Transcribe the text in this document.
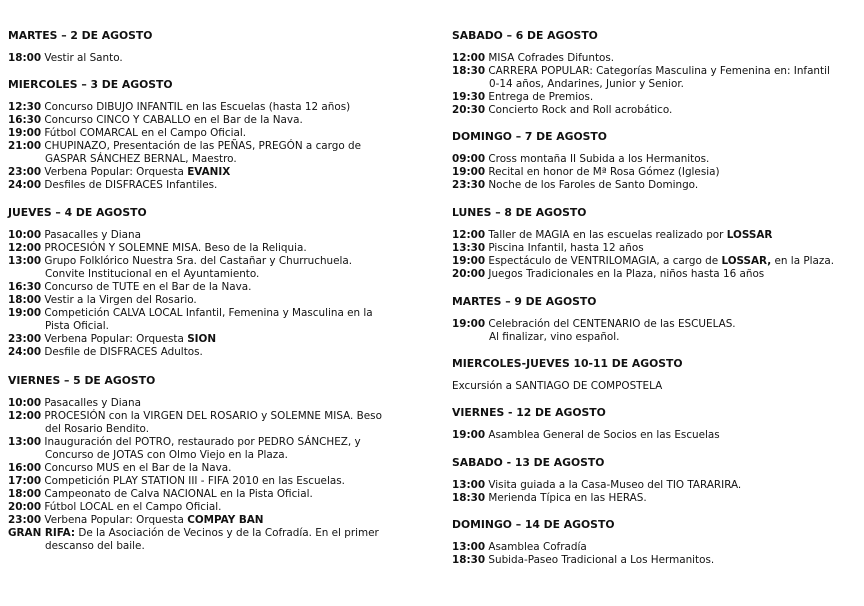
MARTES – 2 DE AGOSTO
18:00 Vestir al Santo.
MIERCOLES – 3 DE AGOSTO
12:30 Concurso DIBUJO INFANTIL en las Escuelas (hasta 12 años)
16:30 Concurso CINCO Y CABALLO en el Bar de la Nava.
19:00 Fútbol COMARCAL en el Campo Oficial.
21:00 CHUPINAZO, Presentación de las PEÑAS, PREGÓN a cargo de
GASPAR SÁNCHEZ BERNAL, Maestro.
23:00 Verbena Popular: Orquesta EVANIX
24:00 Desfiles de DISFRACES Infantiles.
JUEVES – 4 DE AGOSTO
10:00 Pasacalles y Diana
12:00 PROCESIÓN Y SOLEMNE MISA. Beso de la Reliquia.
13:00 Grupo Folklórico Nuestra Sra. del Castañar y Churruchuela.
Convite Institucional en el Ayuntamiento.
16:30 Concurso de TUTE en el Bar de la Nava.
18:00 Vestir a la Virgen del Rosario.
19:00 Competición CALVA LOCAL Infantil, Femenina y Masculina en la
Pista Oficial.
23:00 Verbena Popular: Orquesta SION
24:00 Desfile de DISFRACES Adultos.
VIERNES – 5 DE AGOSTO
10:00 Pasacalles y Diana
12:00 PROCESIÓN con la VIRGEN DEL ROSARIO y SOLEMNE MISA. Beso
del Rosario Bendito.
13:00 Inauguración del POTRO, restaurado por PEDRO SÁNCHEZ, y
Concurso de JOTAS con Olmo Viejo en la Plaza.
16:00 Concurso MUS en el Bar de la Nava.
17:00 Competición PLAY STATION III - FIFA 2010 en las Escuelas.
18:00 Campeonato de Calva NACIONAL en la Pista Oficial.
20:00 Fútbol LOCAL en el Campo Oficial.
23:00 Verbena Popular: Orquesta COMPAY BAN
GRAN RIFA: De la Asociación de Vecinos y de la Cofradía. En el primer
descanso del baile.
SABADO – 6 DE AGOSTO
12:00 MISA Cofrades Difuntos.
18:30 CARRERA POPULAR: Categorías Masculina y Femenina en: Infantil
0-14 años, Andarines, Junior y Senior.
19:30 Entrega de Premios.
20:30 Concierto Rock and Roll acrobático.
DOMINGO – 7 DE AGOSTO
09:00 Cross montaña II Subida a los Hermanitos.
19:00 Recital en honor de Mª Rosa Gómez (Iglesia)
23:30 Noche de los Faroles de Santo Domingo.
LUNES – 8 DE AGOSTO
12:00 Taller de MAGIA en las escuelas realizado por LOSSAR
13:30 Piscina Infantil, hasta 12 años
19:00 Espectáculo de VENTRILOMAGIA, a cargo de LOSSAR, en la Plaza.
20:00 Juegos Tradicionales en la Plaza, niños hasta 16 años
MARTES – 9 DE AGOSTO
19:00 Celebración del CENTENARIO de las ESCUELAS.
Al finalizar, vino español.
MIERCOLES-JUEVES 10-11 DE AGOSTO
Excursión a SANTIAGO DE COMPOSTELA
VIERNES - 12 DE AGOSTO
19:00 Asamblea General de Socios en las Escuelas
SABADO - 13 DE AGOSTO
13:00 Visita guiada a la Casa-Museo del TIO TARARIRA.
18:30 Merienda Típica en las HERAS.
DOMINGO – 14 DE AGOSTO
13:00 Asamblea Cofradía
18:30 Subida-Paseo Tradicional a Los Hermanitos.
